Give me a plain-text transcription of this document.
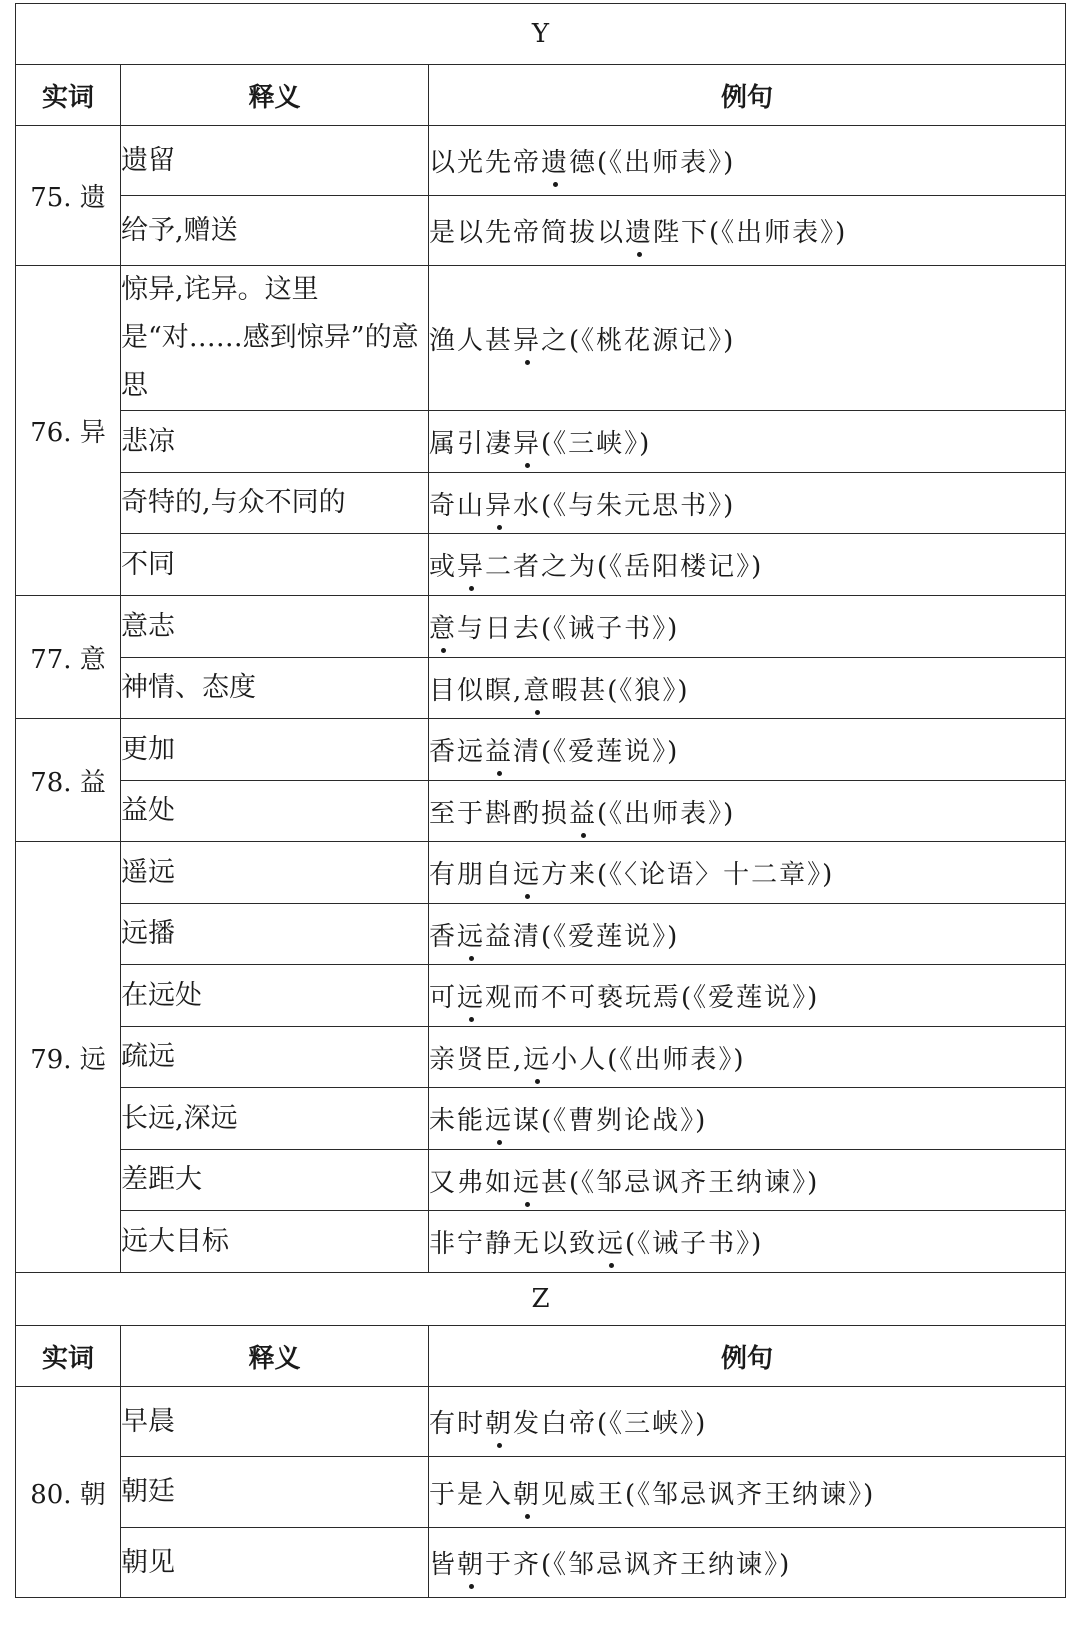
Y		
实词	释义	例句
75. 遗	遗留	以光先帝遗德(《出师表》)
	给予,赠送	是以先帝简拔以遗陛下(《出师表》)
76. 异	惊异,诧异。这里是“对……感到惊异”的意思	渔人甚异之(《桃花源记》)
	悲凉	属引凄异(《三峡》)
	奇特的,与众不同的	奇山异水(《与朱元思书》)
	不同	或异二者之为(《岳阳楼记》)
77. 意	意志	意与日去(《诫子书》)
	神情、态度	目似瞑,意暇甚(《狼》)
78. 益	更加	香远益清(《爱莲说》)
	益处	至于斟酌损益(《出师表》)
79. 远	遥远	有朋自远方来(《〈论语〉十二章》)
	远播	香远益清(《爱莲说》)
	在远处	可远观而不可亵玩焉(《爱莲说》)
	疏远	亲贤臣,远小人(《出师表》)
	长远,深远	未能远谋(《曹刿论战》)
	差距大	又弗如远甚(《邹忌讽齐王纳谏》)
	远大目标	非宁静无以致远(《诫子书》)
Z		
实词	释义	例句
80. 朝	早晨	有时朝发白帝(《三峡》)
	朝廷	于是入朝见威王(《邹忌讽齐王纳谏》)
	朝见	皆朝于齐(《邹忌讽齐王纳谏》)
